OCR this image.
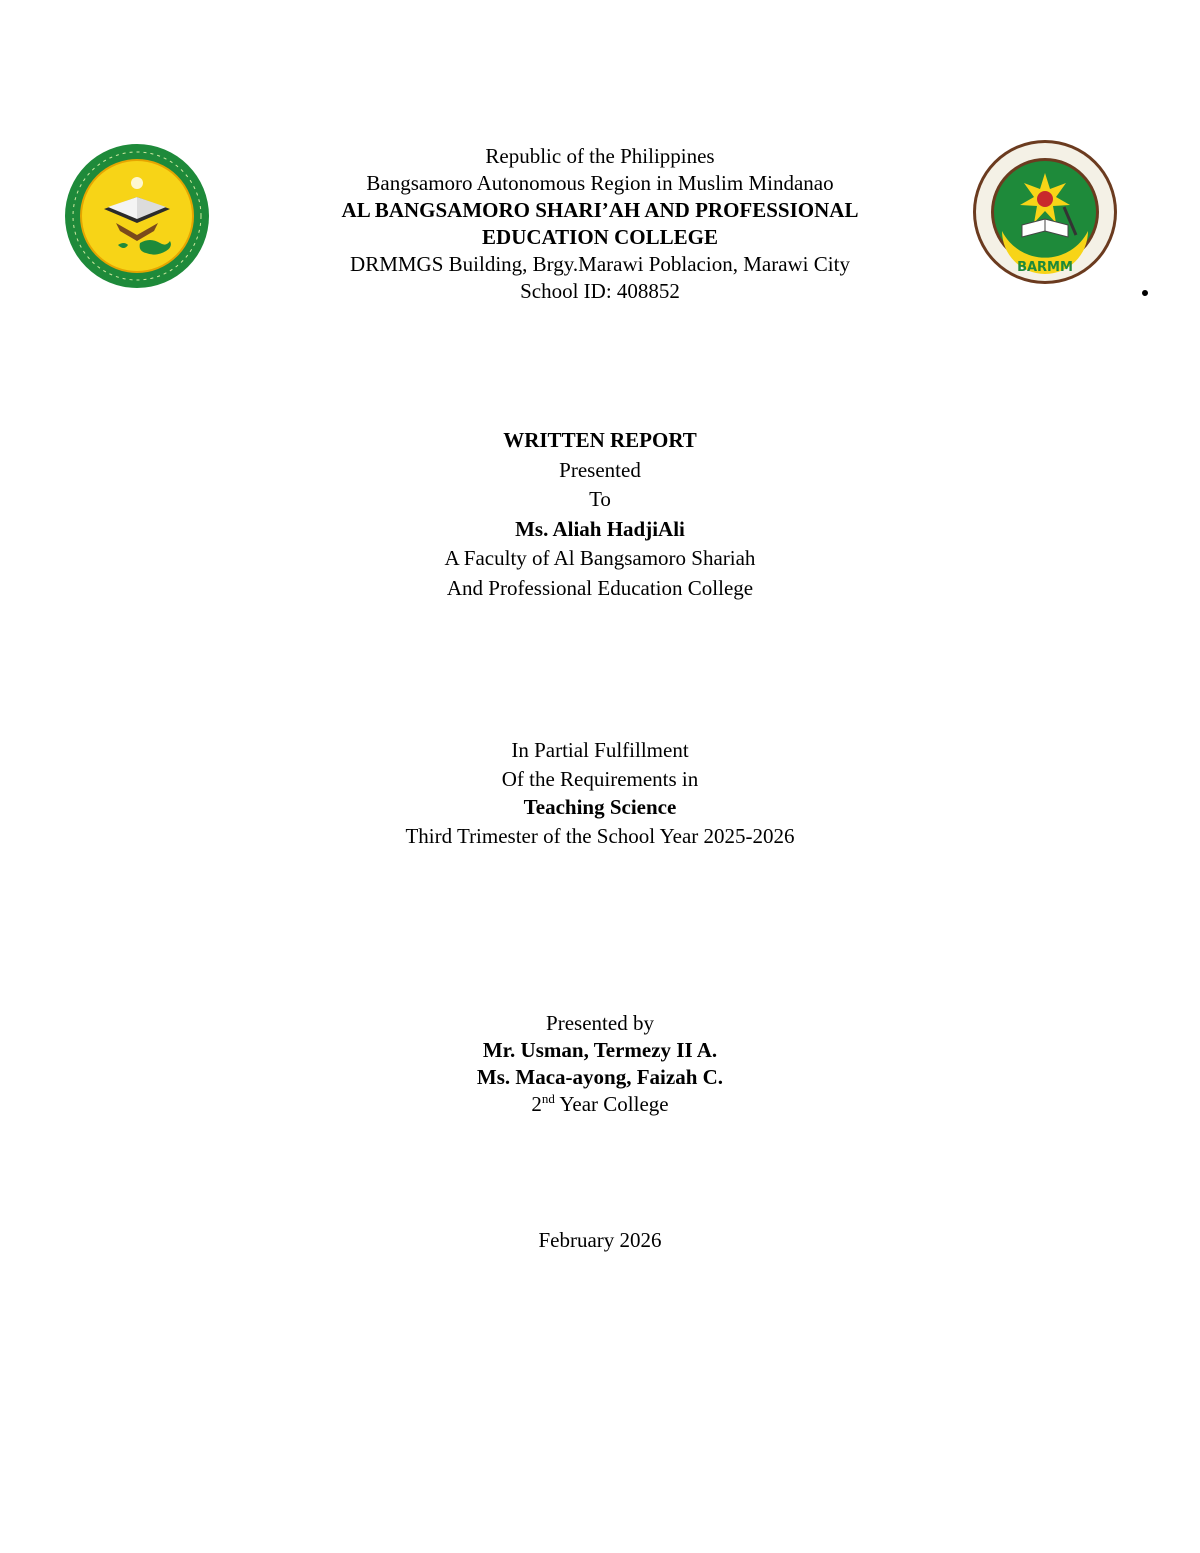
BARMM
Republic of the Philippines
Bangsamoro Autonomous Region in Muslim Mindanao
AL BANGSAMORO SHARI’AH AND PROFESSIONAL
EDUCATION COLLEGE
DRMMGS Building, Brgy.Marawi Poblacion, Marawi City
School ID: 408852
WRITTEN REPORT
Presented
To
Ms. Aliah HadjiAli
A Faculty of Al Bangsamoro Shariah
And Professional Education College
In Partial Fulfillment
Of the Requirements in
Teaching Science
Third Trimester of the School Year 2025-2026
Presented by
Mr. Usman, Termezy II A.
Ms. Maca-ayong, Faizah C.
2nd Year College
February 2026
